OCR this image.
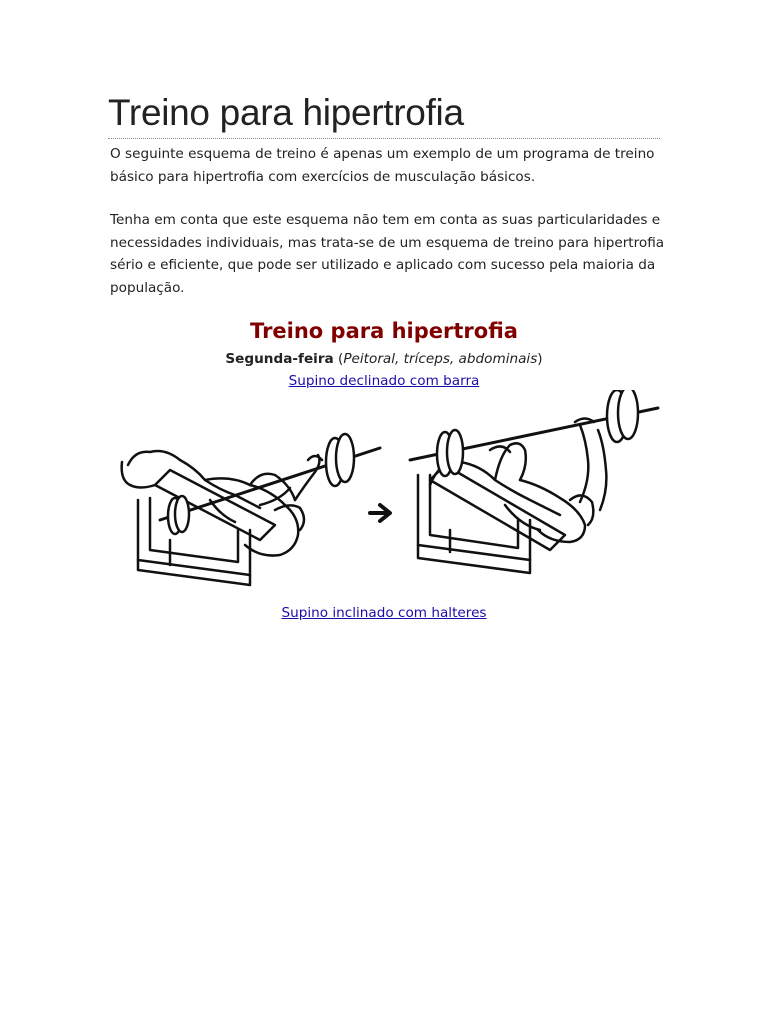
Treino para hipertrofia

O seguinte esquema de treino é apenas um exemplo de um programa de treino básico para hipertrofia com exercícios de musculação básicos.

Tenha em conta que este esquema não tem em conta as suas particularidades e necessidades individuais, mas trata-se de um esquema de treino para hipertrofia sério e eficiente, que pode ser utilizado e aplicado com sucesso pela maioria da população.

Treino para hipertrofia
Segunda-feira (Peitoral, tríceps, abdominais)
Supino declinado com barra
Supino inclinado com halteres
